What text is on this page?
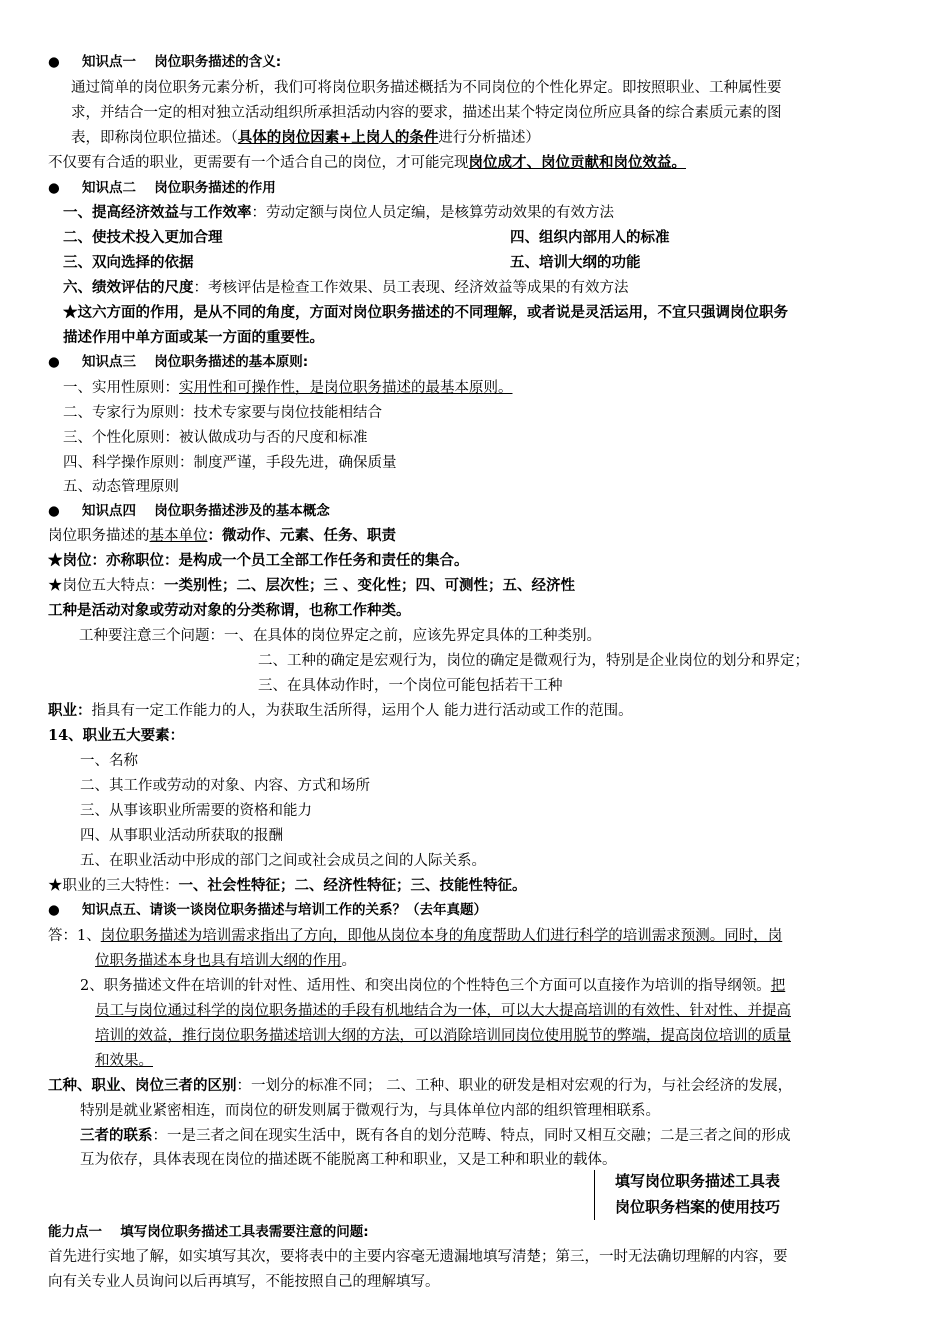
● 知识点一　 岗位职务描述的含义:
通过简单的岗位职务元素分析，我们可将岗位职务描述概括为不同岗位的个性化界定。即按照职业、工种属性要
求，并结合一定的相对独立活动组织所承担活动内容的要求，描述出某个特定岗位所应具备的综合素质元素的图
表，即称岗位职位描述。（具体的岗位因素+上岗人的条件进行分析描述）
不仅要有合适的职业，更需要有一个适合自己的岗位，才可能完现岗位成才、岗位贡献和岗位效益。
● 知识点二　 岗位职务描述的作用
一、提高经济效益与工作效率：劳动定额与岗位人员定编，是核算劳动效果的有效方法
二、使技术投入更加合理	四、组织内部用人的标准
三、双向选择的依据	五、培训大纲的功能
六、绩效评估的尺度：考核评估是检查工作效果、员工表现、经济效益等成果的有效方法
★这六方面的作用，是从不同的角度，方面对岗位职务描述的不同理解，或者说是灵活运用，不宜只强调岗位职务
描述作用中单方面或某一方面的重要性。
● 知识点三　 岗位职务描述的基本原则:
一、实用性原则：实用性和可操作性，是岗位职务描述的最基本原则。
二、专家行为原则：技术专家要与岗位技能相结合
三、个性化原则：被认做成功与否的尺度和标准
四、科学操作原则：制度严谨，手段先进，确保质量
五、动态管理原则
● 知识点四　 岗位职务描述涉及的基本概念
岗位职务描述的基本单位：微动作、元素、任务、职责
★岗位：亦称职位：是构成一个员工全部工作任务和责任的集合。
★岗位五大特点：一类别性；二、层次性；三 、变化性；四、可测性；五、经济性
工种是活动对象或劳动对象的分类称谓，也称工作种类。
工种要注意三个问题：一、在具体的岗位界定之前，应该先界定具体的工种类别。
二、工种的确定是宏观行为，岗位的确定是微观行为，特别是企业岗位的划分和界定；
三、在具体动作时，一个岗位可能包括若干工种
职业：指具有一定工作能力的人，为获取生活所得，运用个人 能力进行活动或工作的范围。
14、职业五大要素：
一、名称
二、其工作或劳动的对象、内容、方式和场所
三、从事该职业所需要的资格和能力
四、从事职业活动所获取的报酬
五、在职业活动中形成的部门之间或社会成员之间的人际关系。
★职业的三大特性：一、社会性特征；二、经济性特征；三、技能性特征。
● 知识点五、请谈一谈岗位职务描述与培训工作的关系？（去年真题）
答：1、岗位职务描述为培训需求指出了方向，即他从岗位本身的角度帮助人们进行科学的培训需求预测。同时，岗
位职务描述本身也具有培训大纲的作用。
2、职务描述文件在培训的针对性、适用性、和突出岗位的个性特色三个方面可以直接作为培训的指导纲领。把
员工与岗位通过科学的岗位职务描述的手段有机地结合为一体，可以大大提高培训的有效性、针对性、并提高
培训的效益，推行岗位职务描述培训大纲的方法，可以消除培训同岗位使用脱节的弊端，提高岗位培训的质量
和效果。
工种、职业、岗位三者的区别：一划分的标准不同； 二、工种、职业的研发是相对宏观的行为，与社会经济的发展，
特别是就业紧密相连，而岗位的研发则属于微观行为，与具体单位内部的组织管理相联系。
三者的联系：一是三者之间在现实生活中，既有各自的划分范畴、特点，同时又相互交融；二是三者之间的形成
互为依存，具体表现在岗位的描述既不能脱离工种和职业，又是工种和职业的载体。
填写岗位职务描述工具表
岗位职务档案的使用技巧
能力点一　 填写岗位职务描述工具表需要注意的问题:
首先进行实地了解，如实填写其次，要将表中的主要内容毫无遗漏地填写清楚；第三，一时无法确切理解的内容，要
向有关专业人员询问以后再填写，不能按照自己的理解填写。
